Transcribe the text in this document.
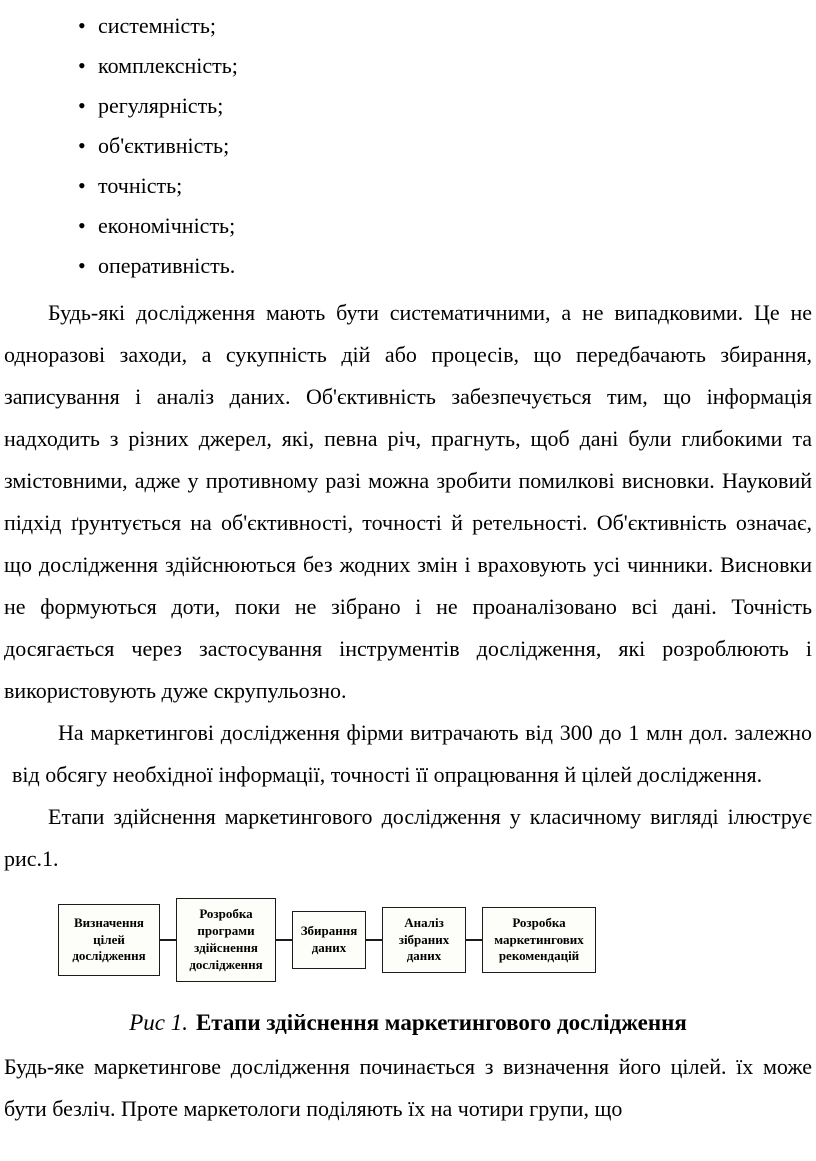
• системність;
• комплексність;
• регулярність;
• об'єктивність;
• точність;
• економічність;
• оперативність.

Будь-які дослідження мають бути систематичними, а не випадковими. Це не одноразові заходи, а сукупність дій або процесів, що передбачають збирання, записування і аналіз даних. Об'єктивність забезпечується тим, що інформація надходить з різних джерел, які, певна річ, прагнуть, щоб дані були глибокими та змістовними, адже у противному разі можна зробити помилкові висновки. Науковий підхід ґрунтується на об'єктивності, точності й ретельності. Об'єктивність означає, що дослідження здійснюються без жодних змін і враховують усі чинники. Висновки не формуються доти, поки не зібрано і не проаналізовано всі дані. Точність досягається через застосування інструментів дослідження, які розроблюють і використовують дуже скрупульозно.

На маркетингові дослідження фірми витрачають від 300 до 1 млн дол. залежно від обсягу необхідної інформації, точності її опрацювання й цілей дослідження.

Етапи здійснення маркетингового дослідження у класичному вигляді ілюструє рис.1.

Визначення цілей дослідження
Розробка програми здійснення дослідження
Збирання даних
Аналіз зібраних даних
Розробка маркетингових рекомендацій

Рис 1. Етапи здійснення маркетингового дослідження

Будь-яке маркетингове дослідження починається з визначення його цілей. їх може бути безліч. Проте маркетологи поділяють їх на чотири групи, що
